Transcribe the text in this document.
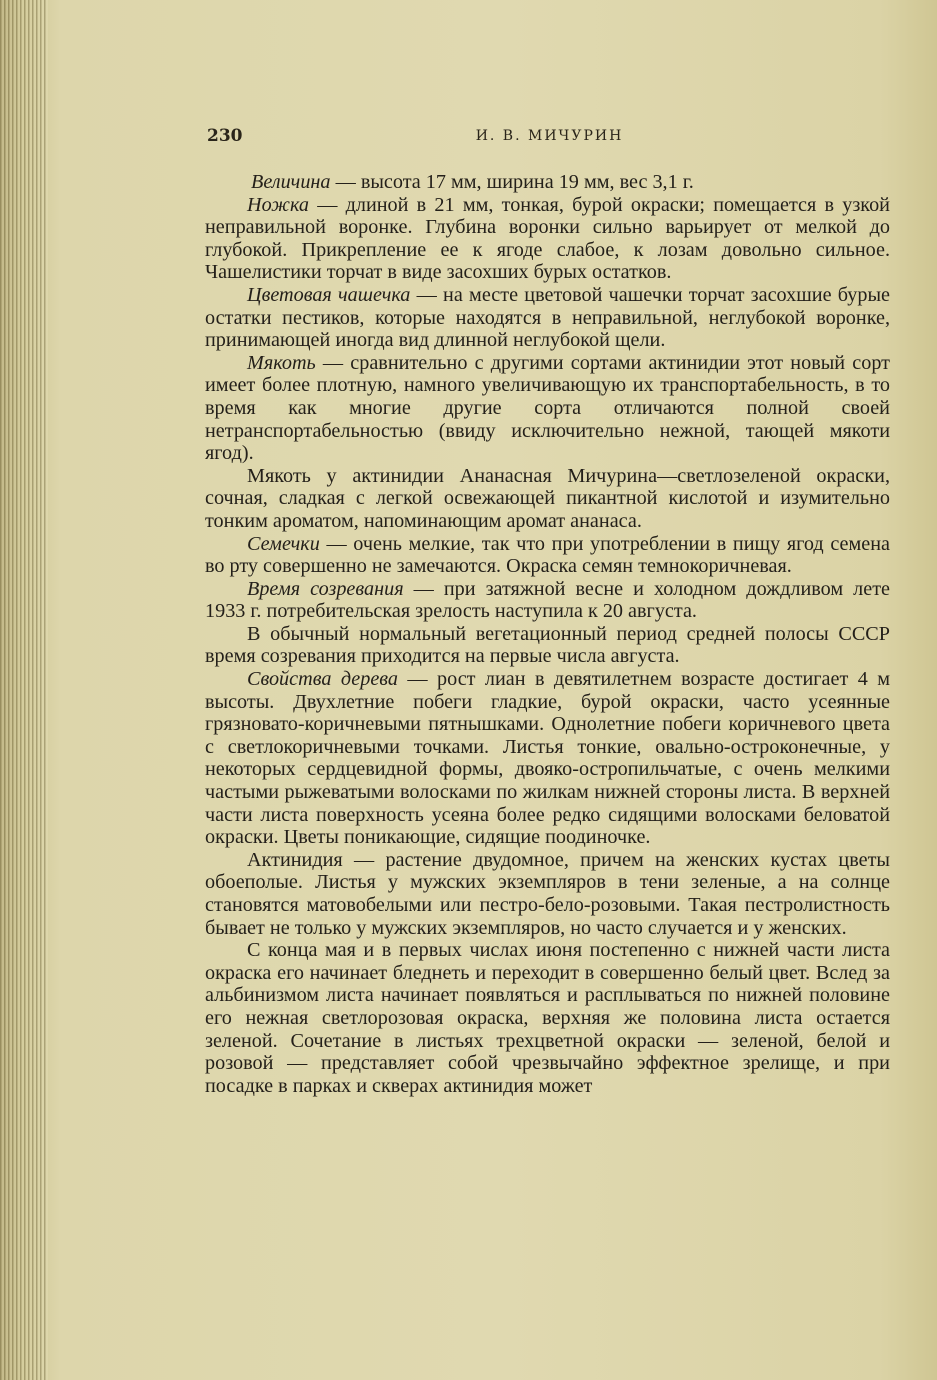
230	И. В. МИЧУРИН

Величина — высота 17 мм, ширина 19 мм, вес 3,1 г.

Ножка — длиной в 21 мм, тонкая, бурой окраски; помещается в узкой неправильной воронке. Глубина воронки сильно варьирует от мелкой до глубокой. Прикрепление ее к ягоде слабое, к лозам довольно сильное. Чашелистики торчат в виде засохших бурых остатков.

Цветовая чашечка — на месте цветовой чашечки торчат засохшие бурые остатки пестиков, которые находятся в неправильной, неглубокой воронке, принимающей иногда вид длинной неглубокой щели.

Мякоть — сравнительно с другими сортами актинидии этот новый сорт имеет более плотную, намного увеличивающую их транспортабельность, в то время как многие другие сорта отличаются полной своей нетранспортабельностью (ввиду исключительно нежной, тающей мякоти ягод).

Мякоть у актинидии Ананасная Мичурина—светлозеленой окраски, сочная, сладкая с легкой освежающей пикантной кислотой и изумительно тонким ароматом, напоминающим аромат ананаса.

Семечки — очень мелкие, так что при употреблении в пищу ягод семена во рту совершенно не замечаются. Окраска семян темнокоричневая.

Время созревания — при затяжной весне и холодном дождливом лете 1933 г. потребительская зрелость наступила к 20 августа.

В обычный нормальный вегетационный период средней полосы СССР время созревания приходится на первые числа августа.

Свойства дерева — рост лиан в девятилетнем возрасте достигает 4 м высоты. Двухлетние побеги гладкие, бурой окраски, часто усеянные грязновато-коричневыми пятнышками. Однолетние побеги коричневого цвета с светлокоричневыми точками. Листья тонкие, овально-остроконечные, у некоторых сердцевидной формы, двояко-остропильчатые, с очень мелкими частыми рыжеватыми волосками по жилкам нижней стороны листа. В верхней части листа поверхность усеяна более редко сидящими волосками беловатой окраски. Цветы поникающие, сидящие поодиночке.

Актинидия — растение двудомное, причем на женских кустах цветы обоеполые. Листья у мужских экземпляров в тени зеленые, а на солнце становятся матовобелыми или пестро-бело-розовыми. Такая пестролистность бывает не только у мужских экземпляров, но часто случается и у женских.

С конца мая и в первых числах июня постепенно с нижней части листа окраска его начинает бледнеть и переходит в совершенно белый цвет. Вслед за альбинизмом листа начинает появляться и расплываться по нижней половине его нежная светлорозовая окраска, верхняя же половина листа остается зеленой. Сочетание в листьях трехцветной окраски — зеленой, белой и розовой — представляет собой чрезвычайно эффектное зрелище, и при посадке в парках и скверах актинидия может
